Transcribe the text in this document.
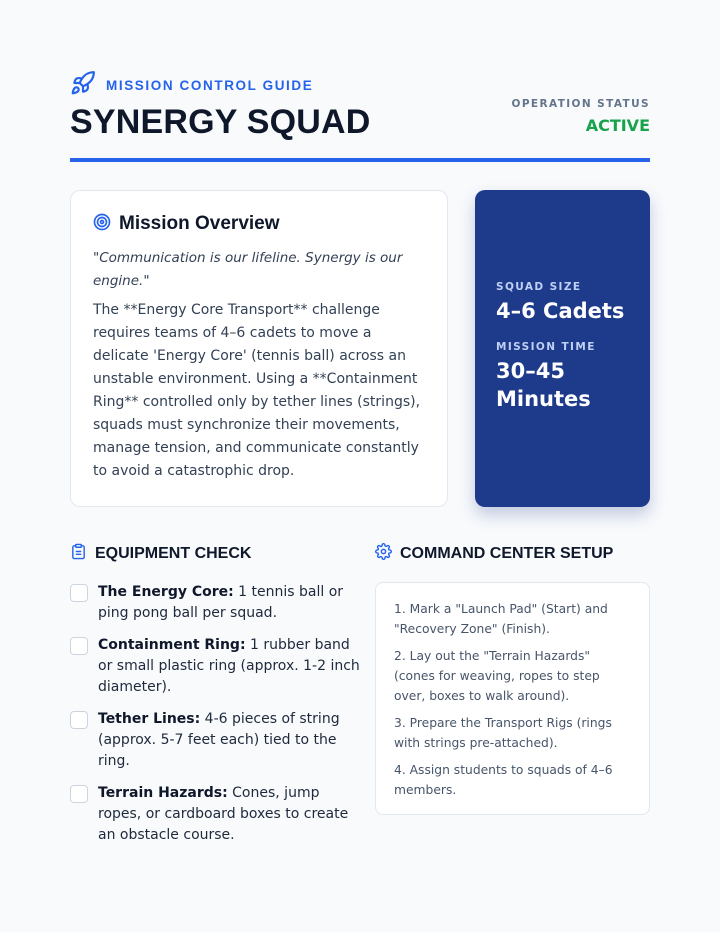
MISSION CONTROL GUIDE
SYNERGY SQUAD	OPERATION STATUS
ACTIVE
Mission Overview

"Communication is our lifeline. Synergy is our engine."

The **Energy Core Transport** challenge requires teams of 4–6 cadets to move a delicate 'Energy Core' (tennis ball) across an unstable environment. Using a **Containment Ring** controlled only by tether lines (strings), squads must synchronize their movements, manage tension, and communicate constantly to avoid a catastrophic drop.

SQUAD SIZE
4–6 Cadets
MISSION TIME
30–45 Minutes
EQUIPMENT CHECK
The Energy Core: 1 tennis ball or ping pong ball per squad.
Containment Ring: 1 rubber band or small plastic ring (approx. 1-2 inch diameter).
Tether Lines: 4-6 pieces of string (approx. 5-7 feet each) tied to the ring.
Terrain Hazards: Cones, jump ropes, or cardboard boxes to create an obstacle course.
COMMAND CENTER SETUP

1. Mark a "Launch Pad" (Start) and "Recovery Zone" (Finish).

2. Lay out the "Terrain Hazards" (cones for weaving, ropes to step over, boxes to walk around).

3. Prepare the Transport Rigs (rings with strings pre-attached).

4. Assign students to squads of 4–6 members.
